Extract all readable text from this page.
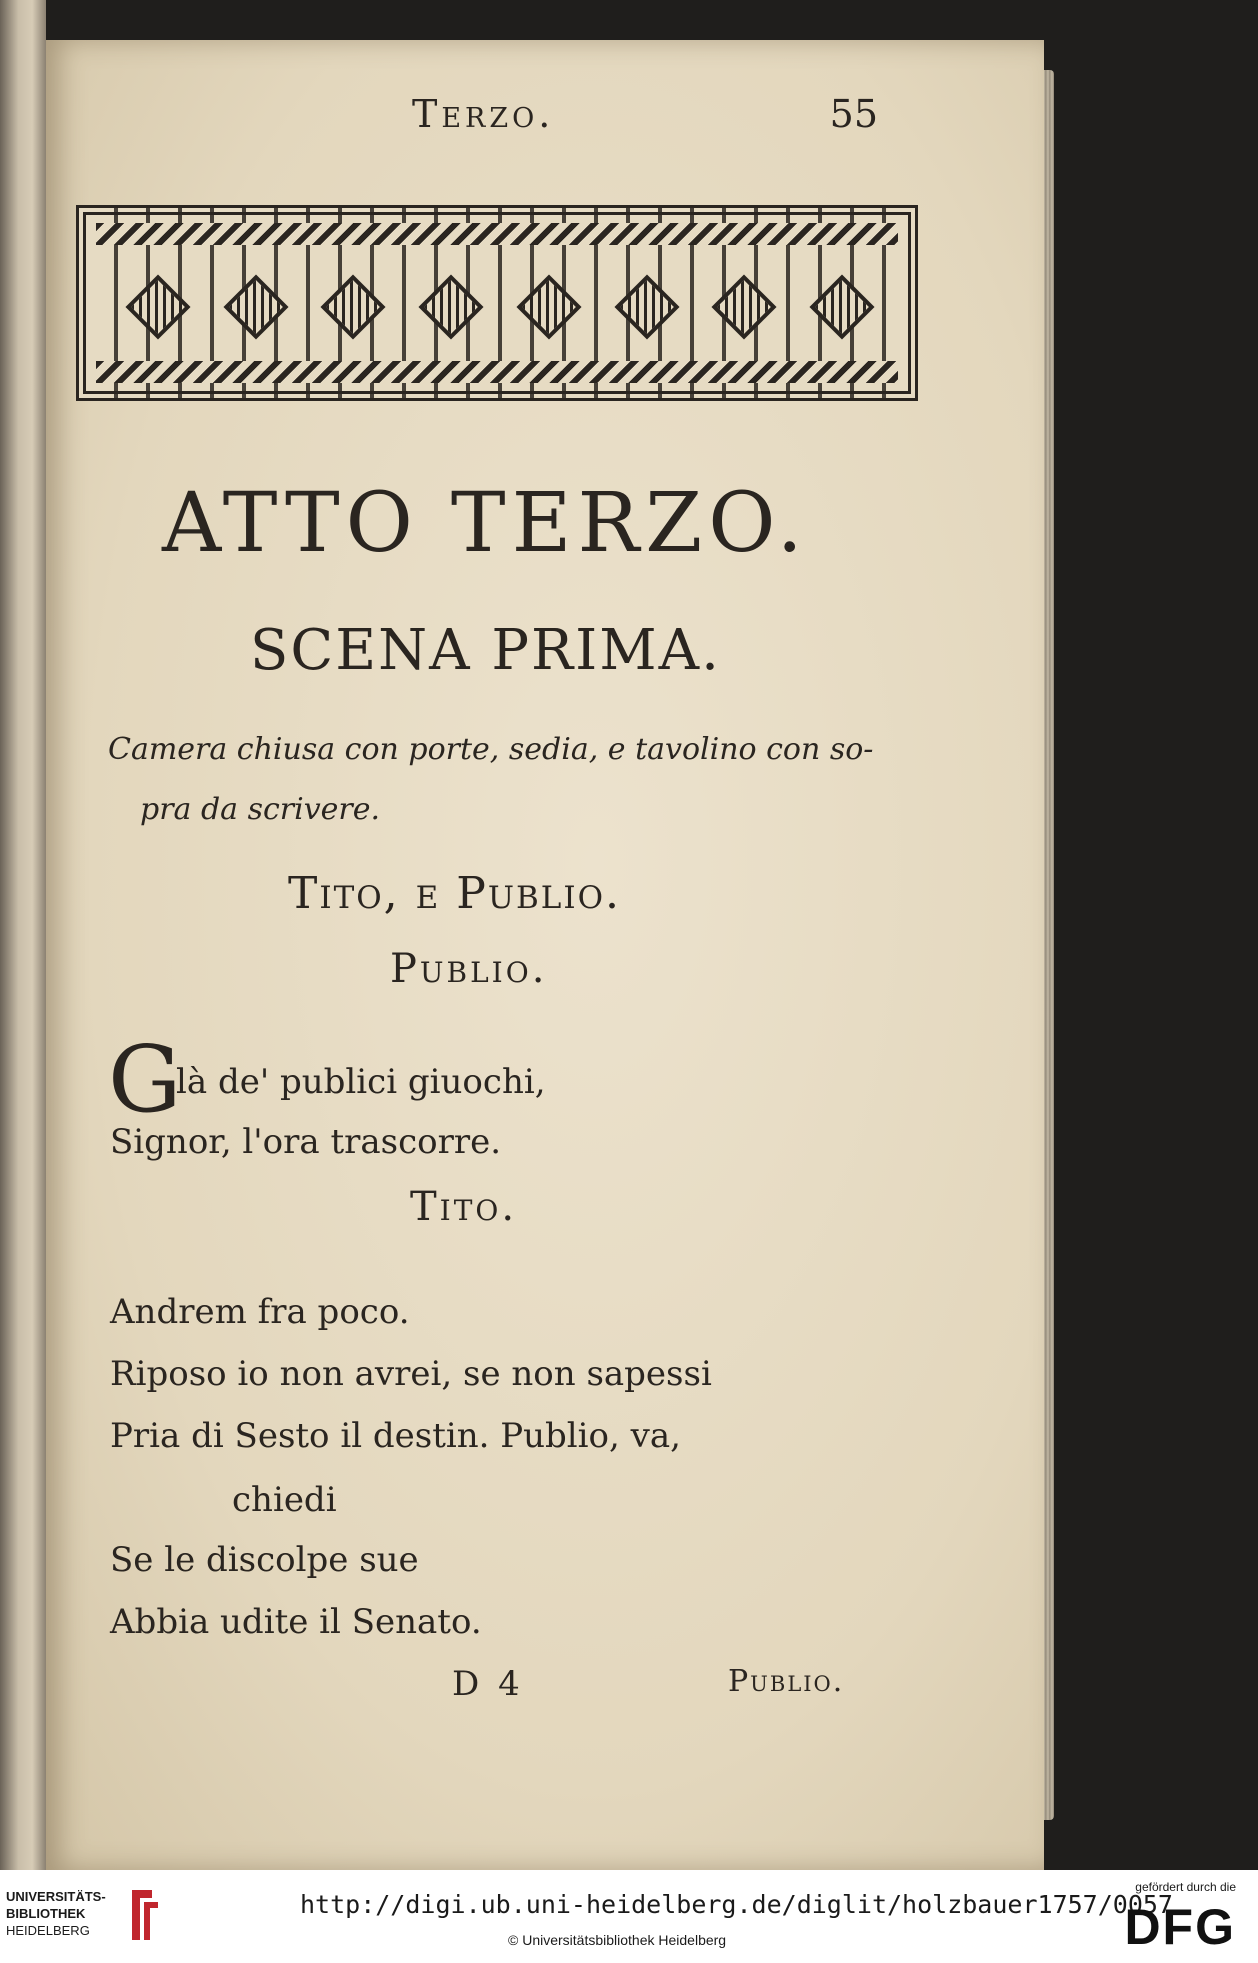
Terzo.	55
ATTO TERZO.
SCENA PRIMA.
Camera chiusa con porte, sedia, e tavolino con so-
pra da scrivere.
Tito, e Publio.
Publio.
G
là de' publici giuochi,
Signor, l'ora trascorre.
Tito.
Andrem fra poco.
Riposo io non avrei, se non sapessi
Pria di Sesto il destin. Publio, va,
chiedi
Se le discolpe sue
Abbia udite il Senato.
D 4	Publio.
UNIVERSITÄTS-
BIBLIOTHEK
HEIDELBERG
http://digi.ub.uni-heidelberg.de/diglit/holzbauer1757/0057
© Universitätsbibliothek Heidelberg
gefördert durch die
DFG
